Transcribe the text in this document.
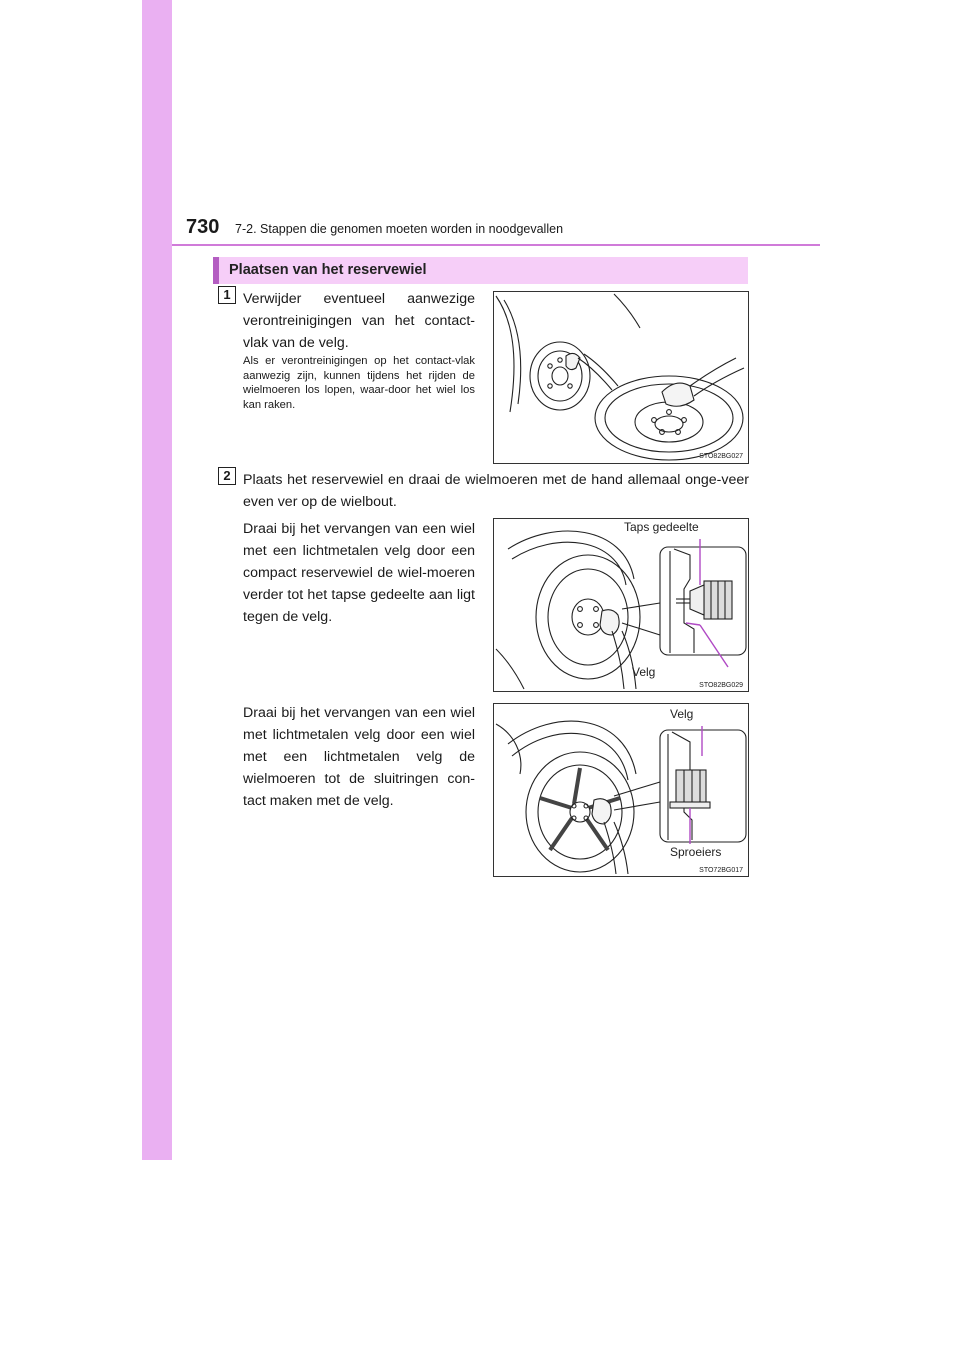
730 7-2. Stappen die genomen moeten worden in noodgevallen
Plaatsen van het reservewiel
1 Verwijder eventueel aanwezige verontreinigingen van het contact-vlak van de velg.
Als er verontreinigingen op het contact-vlak aanwezig zijn, kunnen tijdens het rijden de wielmoeren los lopen, waar-door het wiel los kan raken.
STO82BG027
2 Plaats het reservewiel en draai de wielmoeren met de hand allemaal onge-veer even ver op de wielbout.
Draai bij het vervangen van een wiel met een lichtmetalen velg door een compact reservewiel de wiel-moeren verder tot het tapse gedeelte aan ligt tegen de velg.
Taps gedeelte
Velg
STO82BG029
Draai bij het vervangen van een wiel met lichtmetalen velg door een wiel met een lichtmetalen velg de wielmoeren tot de sluitringen con-tact maken met de velg.
Velg
Sproeiers
STO72BG017
